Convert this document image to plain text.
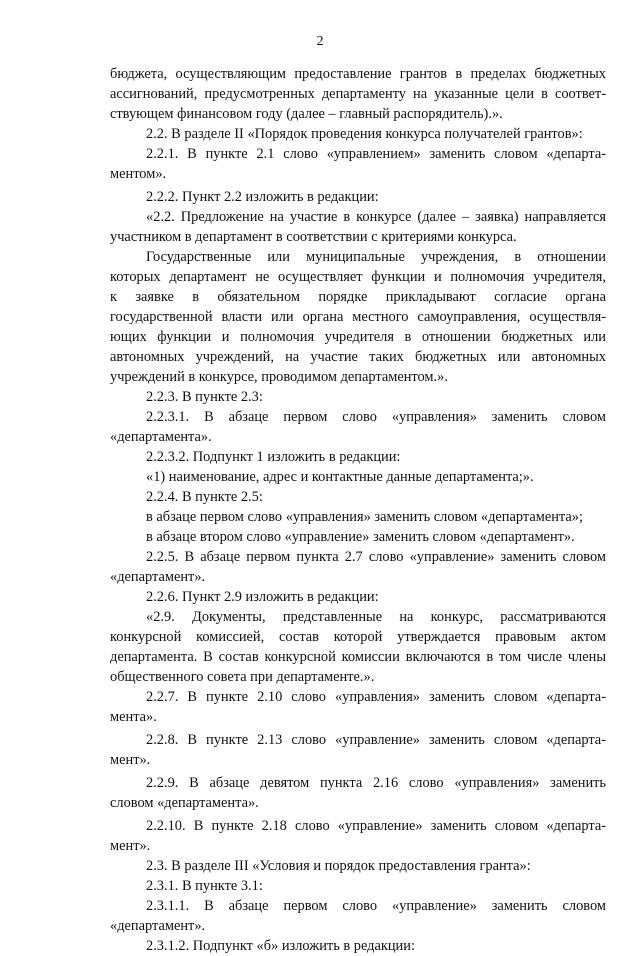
2
бюджета, осуществляющим предоставление грантов в пределах бюджетных
ассигнований, предусмотренных департаменту на указанные цели в соответ-
ствующем финансовом году (далее – главный распорядитель).».
2.2. В разделе II «Порядок проведения конкурса получателей грантов»:
2.2.1. В пункте 2.1 слово «управлением» заменить словом «департа-
ментом».
2.2.2. Пункт 2.2 изложить в редакции:
«2.2. Предложение на участие в конкурсе (далее – заявка) направляется
участником в департамент в соответствии с критериями конкурса.
Государственные или муниципальные учреждения, в отношении
которых департамент не осуществляет функции и полномочия учредителя,
к заявке в обязательном порядке прикладывают согласие органа
государственной власти или органа местного самоуправления, осуществля-
ющих функции и полномочия учредителя в отношении бюджетных или
автономных учреждений, на участие таких бюджетных или автономных
учреждений в конкурсе, проводимом департаментом.».
2.2.3. В пункте 2.3:
2.2.3.1. В абзаце первом слово «управления» заменить словом
«департамента».
2.2.3.2. Подпункт 1 изложить в редакции:
«1) наименование, адрес и контактные данные департамента;».
2.2.4. В пункте 2.5:
в абзаце первом слово «управления» заменить словом «департамента»;
в абзаце втором слово «управление» заменить словом «департамент».
2.2.5. В абзаце первом пункта 2.7 слово «управление» заменить словом
«департамент».
2.2.6. Пункт 2.9 изложить в редакции:
«2.9. Документы, представленные на конкурс, рассматриваются
конкурсной комиссией, состав которой утверждается правовым актом
департамента. В состав конкурсной комиссии включаются в том числе члены
общественного совета при департаменте.».
2.2.7. В пункте 2.10 слово «управления» заменить словом «департа-
мента».
2.2.8. В пункте 2.13 слово «управление» заменить словом «департа-
мент».
2.2.9. В абзаце девятом пункта 2.16 слово «управления» заменить
словом «департамента».
2.2.10. В пункте 2.18 слово «управление» заменить словом «департа-
мент».
2.3. В разделе III «Условия и порядок предоставления гранта»:
2.3.1. В пункте 3.1:
2.3.1.1. В абзаце первом слово «управление» заменить словом
«департамент».
2.3.1.2. Подпункт «б» изложить в редакции:
